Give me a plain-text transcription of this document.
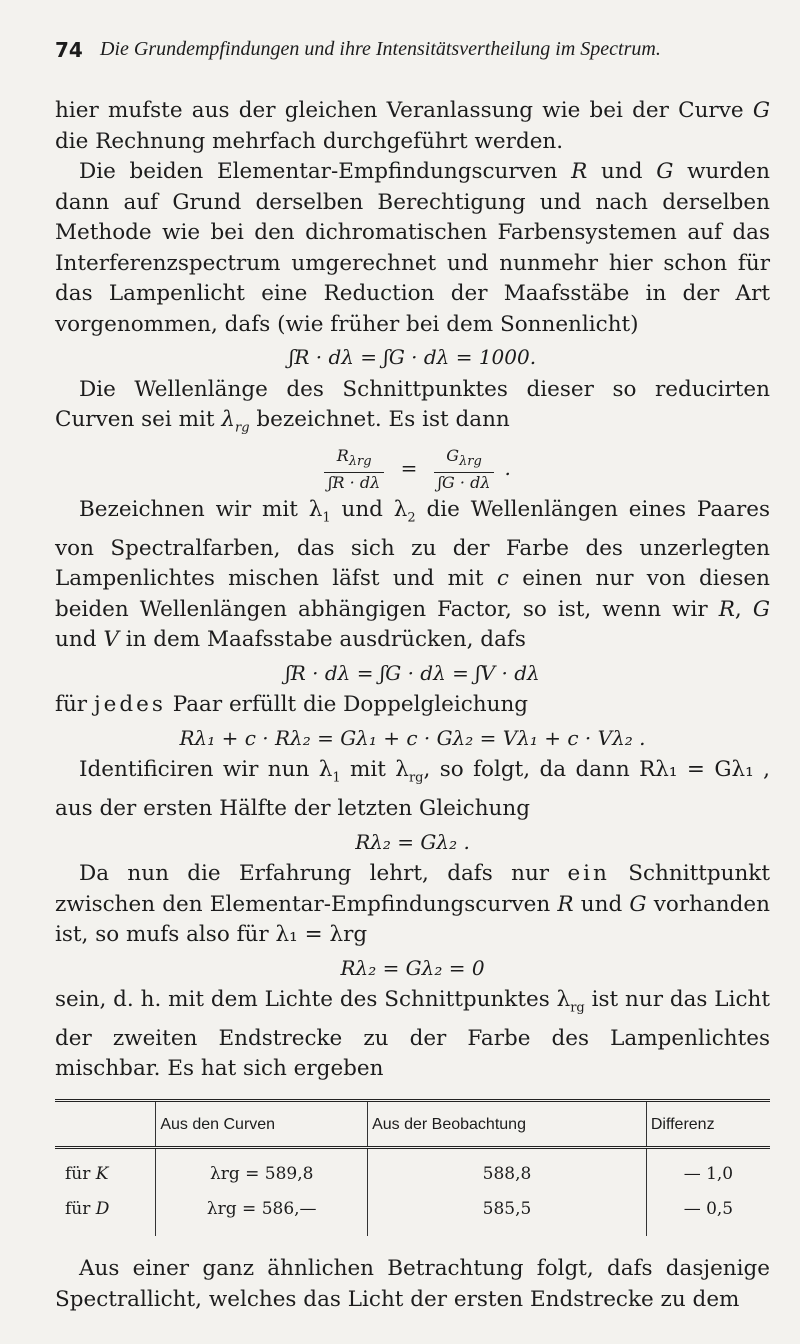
74 Die Grundempfindungen und ihre Intensitätsvertheilung im Spectrum.

hier mufste aus der gleichen Veranlassung wie bei der Curve G die Rechnung mehrfach durchgeführt werden.

Die beiden Elementar-Empfindungscurven R und G wurden dann auf Grund derselben Berechtigung und nach derselben Methode wie bei den dichromatischen Farbensystemen auf das Interferenzspectrum umgerechnet und nunmehr hier schon für das Lampenlicht eine Reduction der Maafsstäbe in der Art vorgenommen, dafs (wie früher bei dem Sonnenlicht)

ʃR · dλ = ʃG · dλ = 1000.

Die Wellenlänge des Schnittpunktes dieser so reducirten Curven sei mit $\lambda_{rg}$ bezeichnet. Es ist dann

$\frac{R_{\lambda rg}}{\text{ʃR · dλ}} = \frac{G_{\lambda rg}}{\text{ʃG · dλ}}$ .

Bezeichnen wir mit $\lambda_1$ und $\lambda_2$ die Wellenlängen eines Paares von Spectralfarben, das sich zu der Farbe des unzerlegten Lampenlichtes mischen läfst und mit c einen nur von diesen beiden Wellenlängen abhängigen Factor, so ist, wenn wir R, G und V in dem Maafsstabe ausdrücken, dafs

ʃR · dλ = ʃG · dλ = ʃV · dλ

für jedes Paar erfüllt die Doppelgleichung

Rλ₁ + c · Rλ₂ = Gλ₁ + c · Gλ₂ = Vλ₁ + c · Vλ₂ .

Identificiren wir nun $\lambda_1$ mit $\lambda_{rg}$, so folgt, da dann Rλ₁ = Gλ₁ , aus der ersten Hälfte der letzten Gleichung

Rλ₂ = Gλ₂ .

Da nun die Erfahrung lehrt, dafs nur ein Schnittpunkt zwischen den Elementar-Empfindungscurven R und G vorhanden ist, so mufs also für λ₁ = λrg

Rλ₂ = Gλ₂ = 0

sein, d. h. mit dem Lichte des Schnittpunktes $\lambda_{rg}$ ist nur das Licht der zweiten Endstrecke zu der Farbe des Lampenlichtes mischbar. Es hat sich ergeben

	Aus den Curven	Aus der Beobachtung	Differenz
für K	λrg = 589,8	588,8	— 1,0
für D	λrg = 586,—	585,5	— 0,5

Aus einer ganz ähnlichen Betrachtung folgt, dafs dasjenige Spectrallicht, welches das Licht der ersten Endstrecke zu dem
